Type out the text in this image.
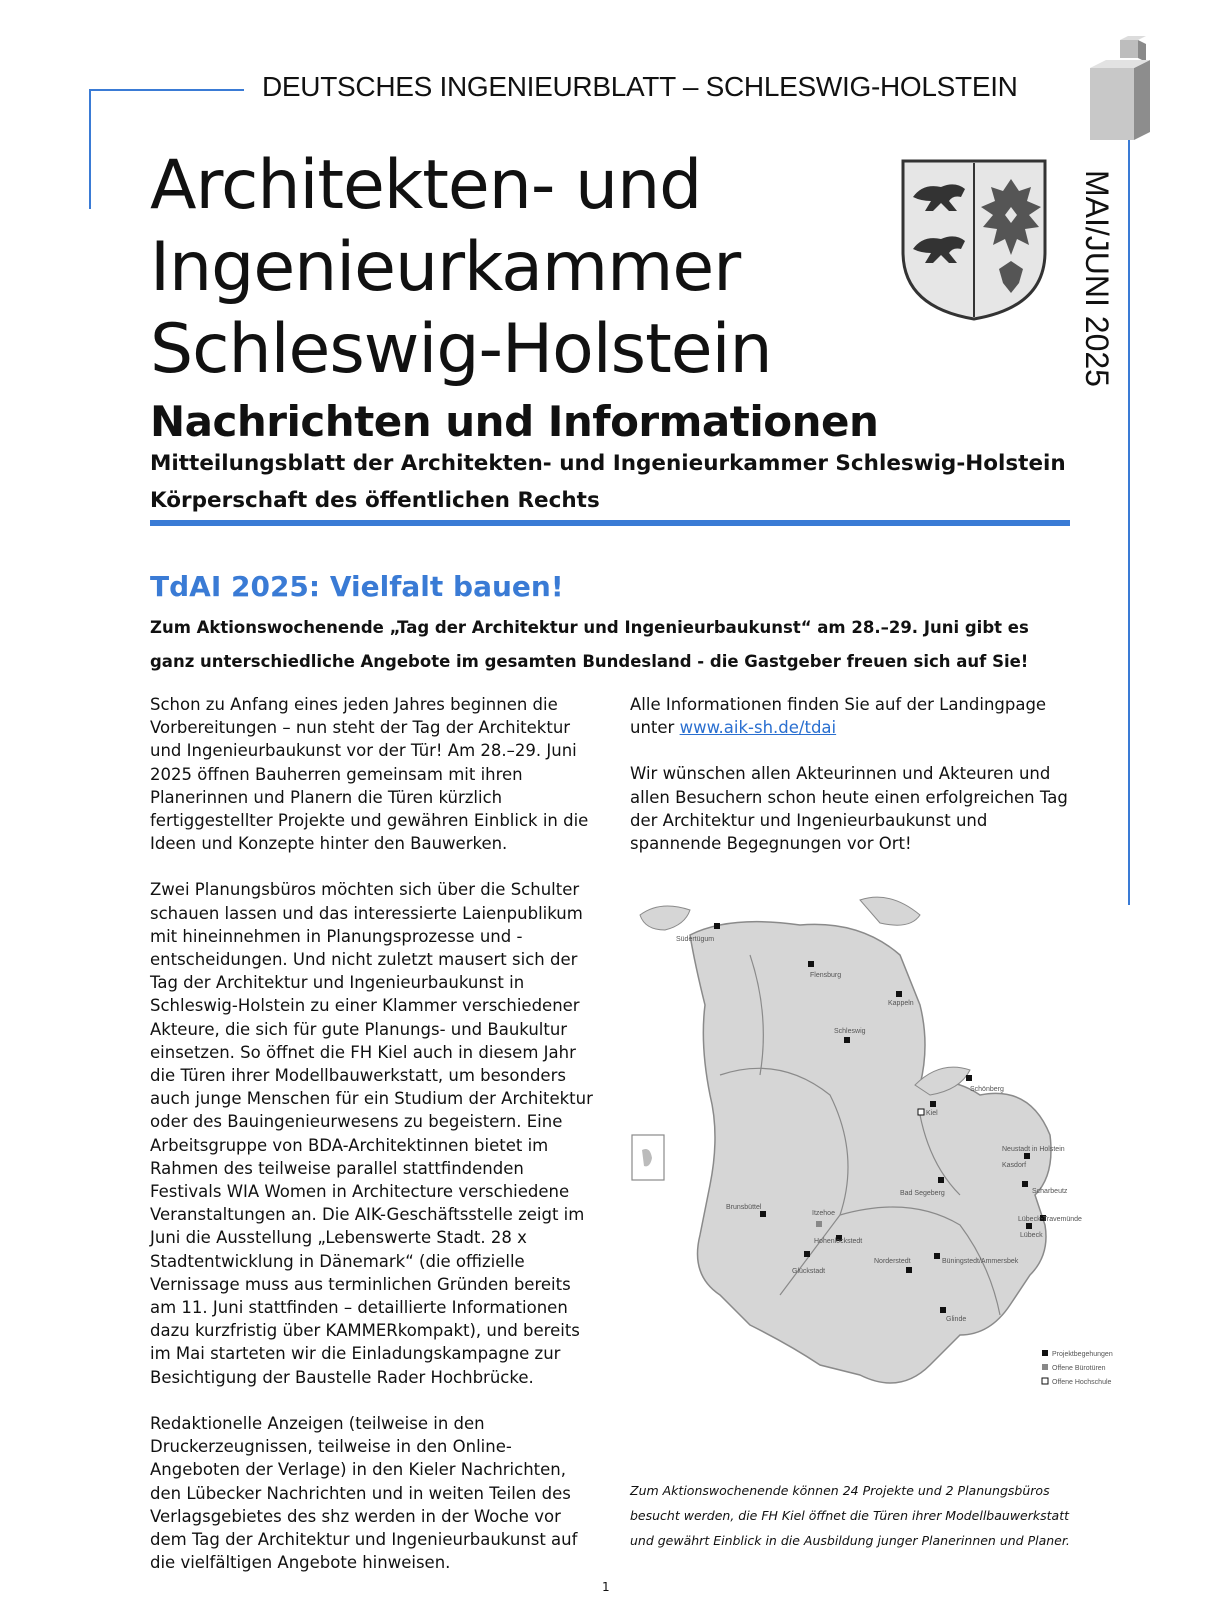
DEUTSCHES INGENIEURBLATT – SCHLESWIG-HOLSTEIN
Architekten- und
Ingenieurkammer
Schleswig-Holstein	MAI/JUNI 2025
Nachrichten und Informationen
Mitteilungsblatt der Architekten- und Ingenieurkammer Schleswig-Holstein
Körperschaft des öffentlichen Rechts
TdAI 2025: Vielfalt bauen!
Zum Aktionswochenende „Tag der Architektur und Ingenieurbaukunst“ am 28.–29. Juni gibt es ganz unterschiedliche Angebote im gesamten Bundesland - die Gastgeber freuen sich auf Sie!

Schon zu Anfang eines jeden Jahres beginnen die Vorbereitungen – nun steht der Tag der Architektur und Ingenieurbaukunst vor der Tür! Am 28.–29. Juni 2025 öffnen Bauherren gemeinsam mit ihren Planerinnen und Planern die Türen kürzlich fertiggestellter Projekte und gewähren Einblick in die Ideen und Konzepte hinter den Bauwerken.

Zwei Planungsbüros möchten sich über die Schulter schauen lassen und das interessierte Laienpublikum mit hineinnehmen in Planungsprozesse und -entscheidungen. Und nicht zuletzt mausert sich der Tag der Architektur und Ingenieurbaukunst in Schleswig-Holstein zu einer Klammer verschiedener Akteure, die sich für gute Planungs- und Baukultur einsetzen. So öffnet die FH Kiel auch in diesem Jahr die Türen ihrer Modellbauwerkstatt, um besonders auch junge Menschen für ein Studium der Architektur oder des Bauingenieurwesens zu begeistern. Eine Arbeitsgruppe von BDA-Architektinnen bietet im Rahmen des teilweise parallel stattfindenden Festivals WIA Women in Architecture verschiedene Veranstaltungen an. Die AIK-Geschäftsstelle zeigt im Juni die Ausstellung „Lebenswerte Stadt. 28 x Stadtentwicklung in Dänemark“ (die offizielle Vernissage muss aus terminlichen Gründen bereits am 11. Juni stattfinden – detaillierte Informationen dazu kurzfristig über KAMMERkompakt), und bereits im Mai starteten wir die Einladungskampagne zur Besichtigung der Baustelle Rader Hochbrücke.

Redaktionelle Anzeigen (teilweise in den Druckerzeugnissen, teilweise in den Online-Angeboten der Verlage) in den Kieler Nachrichten, den Lübecker Nachrichten und in weiten Teilen des Verlagsgebietes des shz werden in der Woche vor dem Tag der Architektur und Ingenieurbaukunst auf die vielfältigen Angebote hinweisen.

Alle Informationen finden Sie auf der Landingpage unter www.aik-sh.de/tdai

Wir wünschen allen Akteurinnen und Akteuren und allen Besuchern schon heute einen erfolgreichen Tag der Architektur und Ingenieurbaukunst und spannende Begegnungen vor Ort!

Südertügum
Flensburg
Kappeln
Schleswig
Schönberg
Kiel
Neustadt in Holstein
Kasdorf
Scharbeutz
Bad Segeberg
Lübeck-Travemünde
Lübeck
Brunsbüttel
Itzehoe
Hohenlockstedt
Glückstadt
Norderstedt	Büningstedt/Ammersbek
Glinde
Projektbegehungen
Offene Bürotüren
Offene Hochschule
Zum Aktionswochenende können 24 Projekte und 2 Planungsbüros besucht werden, die FH Kiel öffnet die Türen ihrer Modellbauwerkstatt und gewährt Einblick in die Ausbildung junger Planerinnen und Planer.
1
